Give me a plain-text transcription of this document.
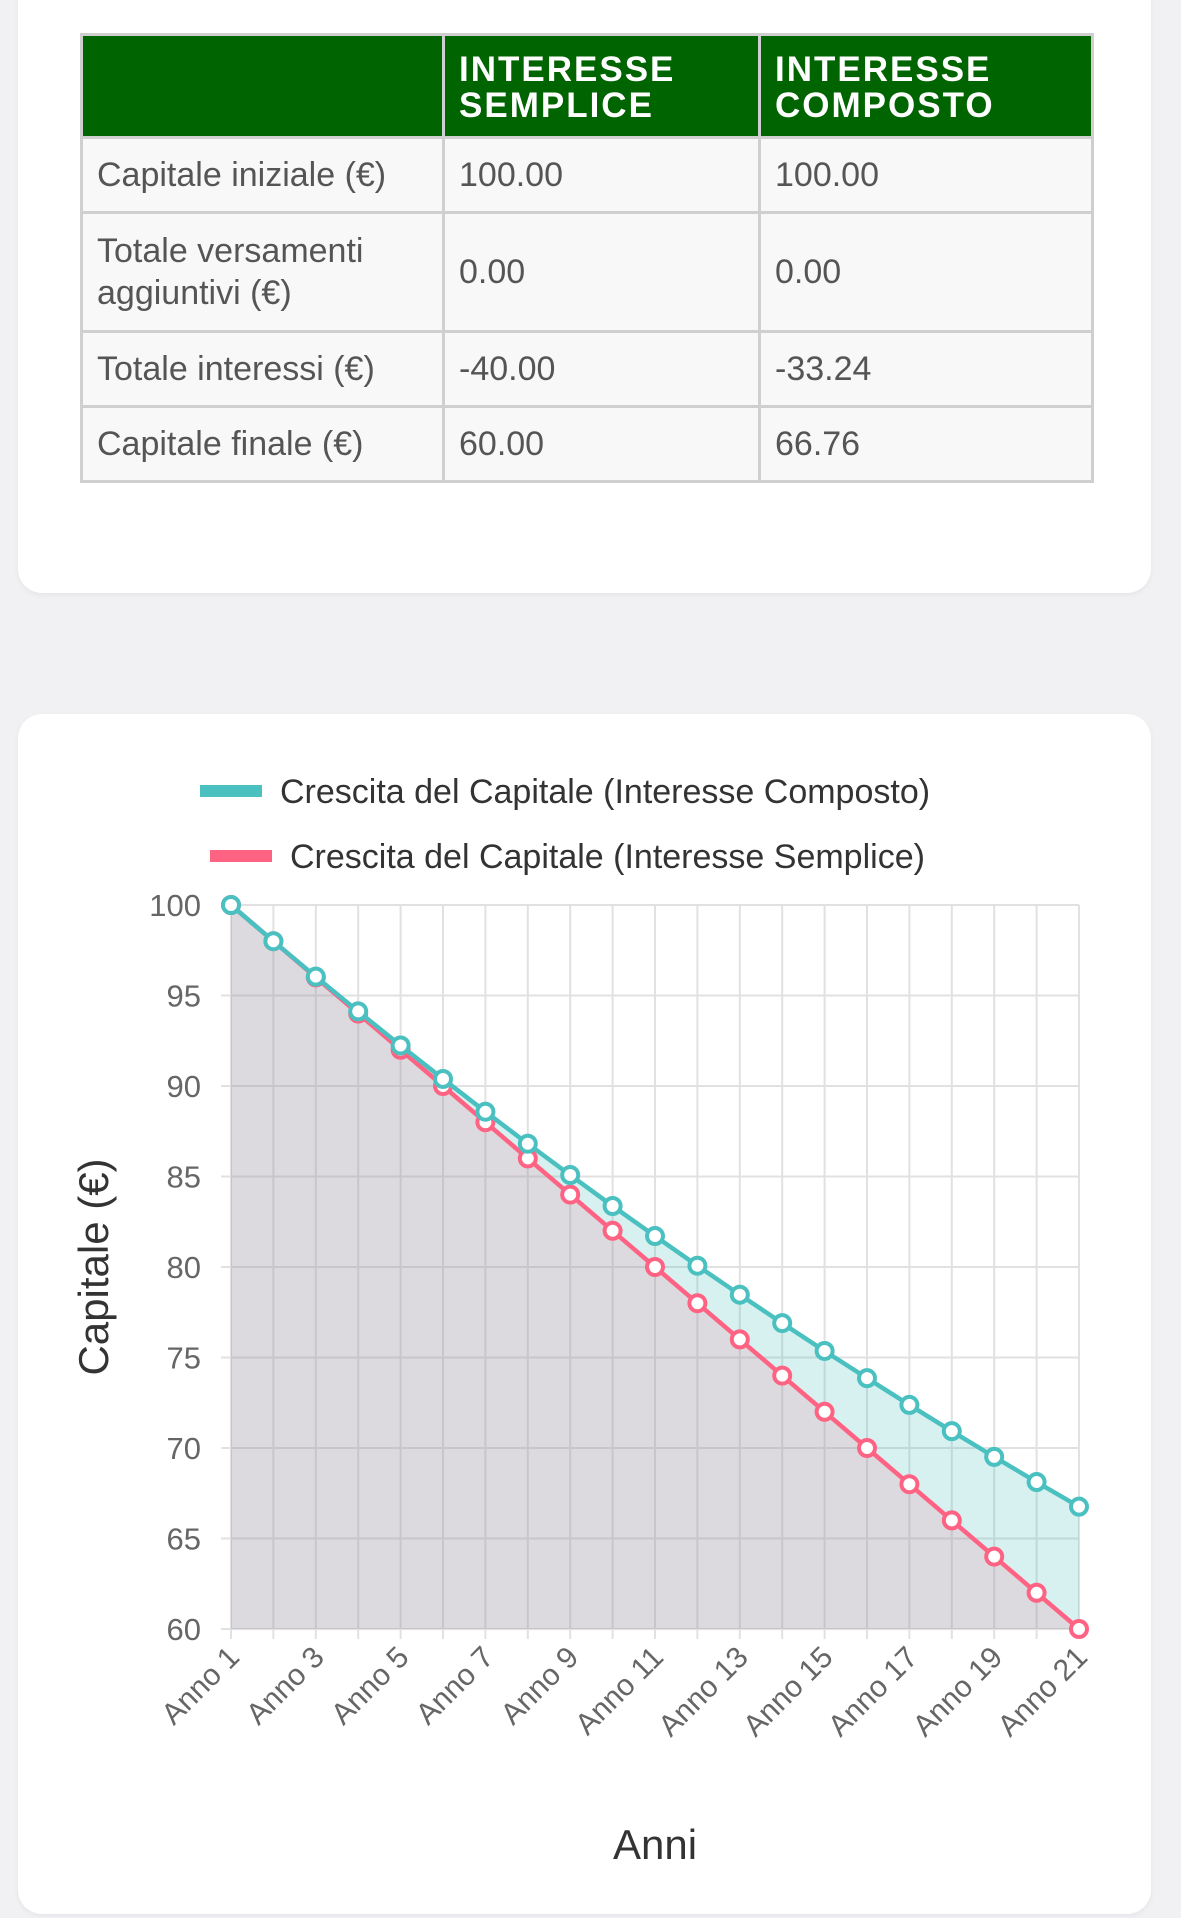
	INTERESSE SEMPLICE	INTERESSE COMPOSTO
Capitale iniziale (€)	100.00	100.00
Totale versamenti aggiuntivi (€)	0.00	0.00
Totale interessi (€)	-40.00	-33.24
Capitale finale (€)	60.00	66.76
60
65
70
75
80
85
90
95
100
Anno 1
Anno 3
Anno 5
Anno 7
Anno 9
Anno 11
Anno 13
Anno 15
Anno 17
Anno 19
Anno 21
Capitale (€)
Anni
Crescita del Capitale (Interesse Composto)
Crescita del Capitale (Interesse Semplice)
